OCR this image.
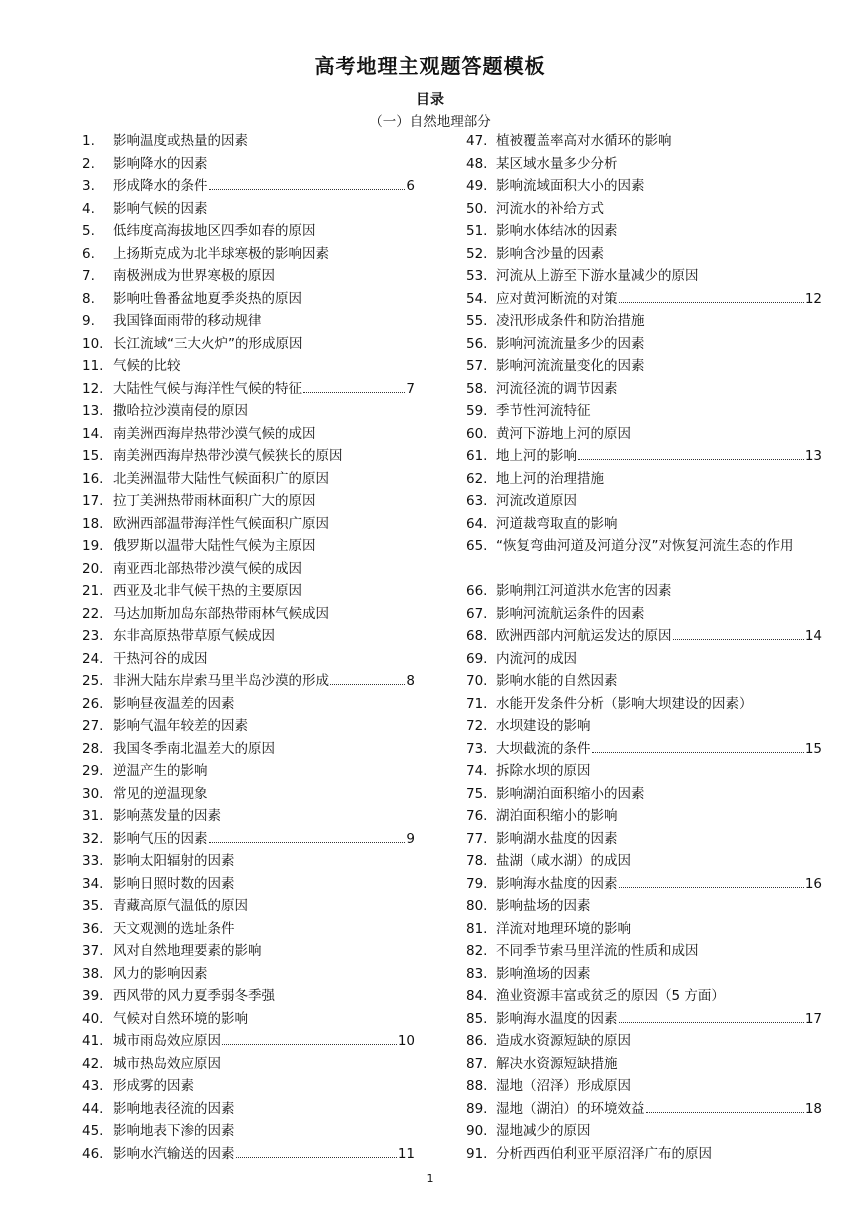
高考地理主观题答题模板
目录
（一）自然地理部分
1.	影响温度或热量的因素
2.	影响降水的因素
3.	形成降水的条件	6
4.	影响气候的因素
5.	低纬度高海拔地区四季如春的原因
6.	上扬斯克成为北半球寒极的影响因素
7.	南极洲成为世界寒极的原因
8.	影响吐鲁番盆地夏季炎热的原因
9.	我国锋面雨带的移动规律
10. 长江流域“三大火炉”的形成原因
11. 气候的比较
12. 大陆性气候与海洋性气候的特征	7
13. 撒哈拉沙漠南侵的原因
14. 南美洲西海岸热带沙漠气候的成因
15. 南美洲西海岸热带沙漠气候狭长的原因
16. 北美洲温带大陆性气候面积广的原因
17. 拉丁美洲热带雨林面积广大的原因
18. 欧洲西部温带海洋性气候面积广原因
19. 俄罗斯以温带大陆性气候为主原因
20. 南亚西北部热带沙漠气候的成因
21. 西亚及北非气候干热的主要原因
22. 马达加斯加岛东部热带雨林气候成因
23. 东非高原热带草原气候成因
24. 干热河谷的成因
25. 非洲大陆东岸索马里半岛沙漠的形成	8
26. 影响昼夜温差的因素
27. 影响气温年较差的因素
28. 我国冬季南北温差大的原因
29. 逆温产生的影响
30. 常见的逆温现象
31. 影响蒸发量的因素
32. 影响气压的因素	9
33. 影响太阳辐射的因素
34. 影响日照时数的因素
35. 青藏高原气温低的原因
36. 天文观测的选址条件
37. 风对自然地理要素的影响
38. 风力的影响因素
39. 西风带的风力夏季弱冬季强
40. 气候对自然环境的影响
41. 城市雨岛效应原因	10
42. 城市热岛效应原因
43. 形成雾的因素
44. 影响地表径流的因素
45. 影响地表下渗的因素
46. 影响水汽输送的因素	11
47. 植被覆盖率高对水循环的影响
48. 某区域水量多少分析
49. 影响流域面积大小的因素
50. 河流水的补给方式
51. 影响水体结冰的因素
52. 影响含沙量的因素
53. 河流从上游至下游水量减少的原因
54. 应对黄河断流的对策	12
55. 凌汛形成条件和防治措施
56. 影响河流流量多少的因素
57. 影响河流流量变化的因素
58. 河流径流的调节因素
59. 季节性河流特征
60. 黄河下游地上河的原因
61. 地上河的影响	13
62. 地上河的治理措施
63. 河流改道原因
64. 河道裁弯取直的影响
65. “恢复弯曲河道及河道分汊”对恢复河流生态的作用
66. 影响荆江河道洪水危害的因素
67. 影响河流航运条件的因素
68. 欧洲西部内河航运发达的原因	14
69. 内流河的成因
70. 影响水能的自然因素
71. 水能开发条件分析（影响大坝建设的因素）
72. 水坝建设的影响
73. 大坝截流的条件	15
74. 拆除水坝的原因
75. 影响湖泊面积缩小的因素
76. 湖泊面积缩小的影响
77. 影响湖水盐度的因素
78. 盐湖（咸水湖）的成因
79. 影响海水盐度的因素	16
80. 影响盐场的因素
81. 洋流对地理环境的影响
82. 不同季节索马里洋流的性质和成因
83. 影响渔场的因素
84. 渔业资源丰富或贫乏的原因（5 方面）
85. 影响海水温度的因素	17
86. 造成水资源短缺的原因
87. 解决水资源短缺措施
88. 湿地（沼泽）形成原因
89. 湿地（湖泊）的环境效益	18
90. 湿地减少的原因
91. 分析西西伯利亚平原沼泽广布的原因
1
